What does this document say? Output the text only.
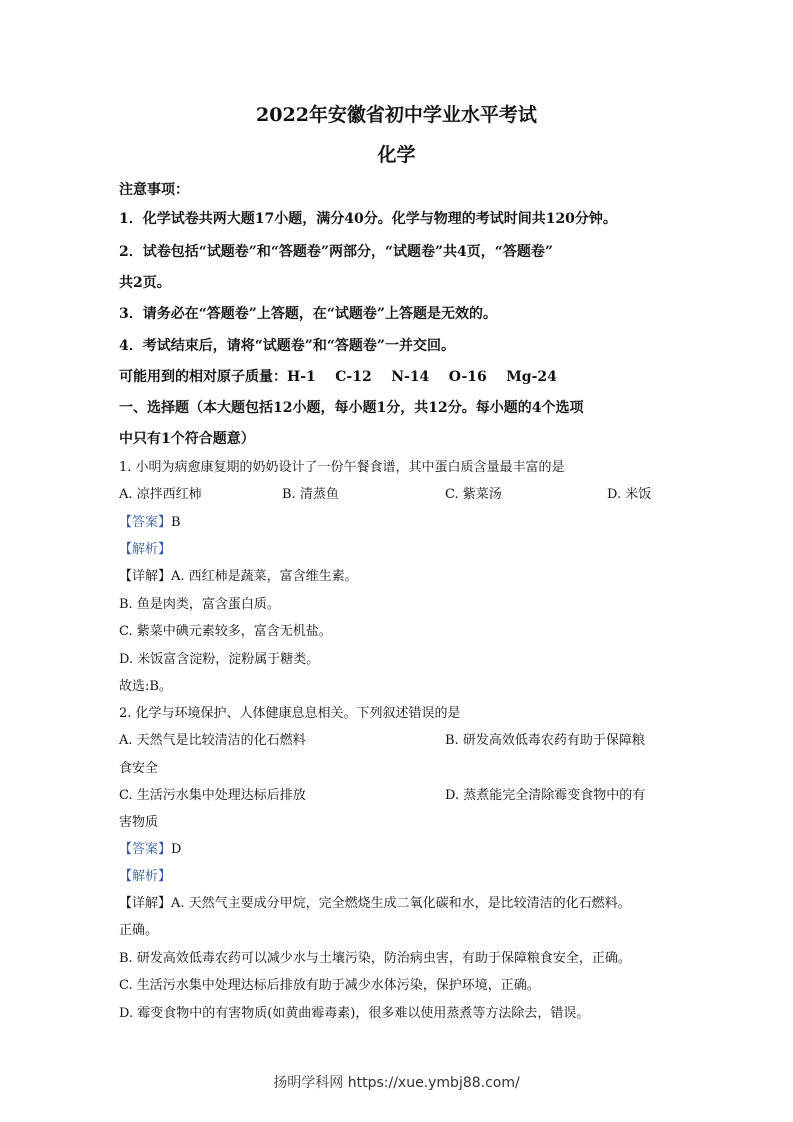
2022年安徽省初中学业水平考试
化学
注意事项：
1．化学试卷共两大题17小题，满分40分。化学与物理的考试时间共120分钟。
2．试卷包括“试题卷”和“答题卷”两部分，“试题卷”共4页，“答题卷”
共2页。
3．请务必在“答题卷”上答题，在“试题卷”上答题是无效的。
4．考试结束后，请将“试题卷”和“答题卷”一并交回。
可能用到的相对原子质量：H-1    C-12    N-14    O-16    Mg-24
一、选择题（本大题包括12小题，每小题1分，共12分。每小题的4个选项
中只有1个符合题意）
1. 小明为病愈康复期的奶奶设计了一份午餐食谱，其中蛋白质含量最丰富的是
A. 凉拌西红柿	B. 清蒸鱼	C. 紫菜汤	D. 米饭
【答案】B
【解析】
【详解】A. 西红柿是蔬菜，富含维生素。
B. 鱼是肉类，富含蛋白质。
C. 紫菜中碘元素较多，富含无机盐。
D. 米饭富含淀粉，淀粉属于糖类。
故选:B。
2. 化学与环境保护、人体健康息息相关。下列叙述错误的是
A. 天然气是比较清洁的化石燃料	B. 研发高效低毒农药有助于保障粮
食安全
C. 生活污水集中处理达标后排放	D. 蒸煮能完全清除霉变食物中的有
害物质
【答案】D
【解析】
【详解】A. 天然气主要成分甲烷，完全燃烧生成二氧化碳和水，是比较清洁的化石燃料。
正确。
B. 研发高效低毒农药可以减少水与土壤污染，防治病虫害，有助于保障粮食安全，正确。
C. 生活污水集中处理达标后排放有助于减少水体污染，保护环境，正确。
D. 霉变食物中的有害物质(如黄曲霉毒素)，很多难以使用蒸煮等方法除去，错误。
扬明学科网 https://xue.ymbj88.com/
